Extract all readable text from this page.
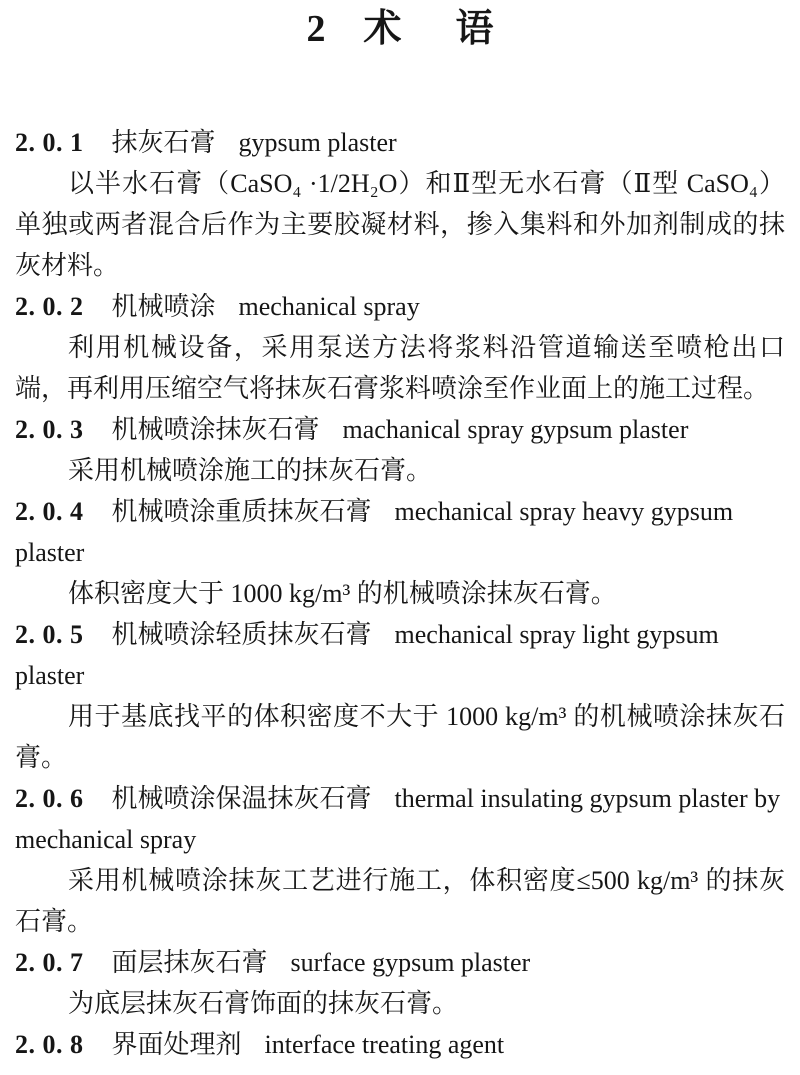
2 术 语

2. 0. 1 抹灰石膏 gypsum plaster

以半水石膏（CaSO₄ ·1/2H₂O）和Ⅱ型无水石膏（Ⅱ型 CaSO₄）单独或两者混合后作为主要胶凝材料，掺入集料和外加剂制成的抹灰材料。

2. 0. 2 机械喷涂 mechanical spray

利用机械设备，采用泵送方法将浆料沿管道输送至喷枪出口端，再利用压缩空气将抹灰石膏浆料喷涂至作业面上的施工过程。

2. 0. 3 机械喷涂抹灰石膏 machanical spray gypsum plaster

采用机械喷涂施工的抹灰石膏。

2. 0. 4 机械喷涂重质抹灰石膏 mechanical spray heavy gypsum plaster

体积密度大于 1000 kg/m³ 的机械喷涂抹灰石膏。

2. 0. 5 机械喷涂轻质抹灰石膏 mechanical spray light gypsum plaster

用于基底找平的体积密度不大于 1000 kg/m³ 的机械喷涂抹灰石膏。

2. 0. 6 机械喷涂保温抹灰石膏 thermal insulating gypsum plaster by mechanical spray

采用机械喷涂抹灰工艺进行施工，体积密度≤500 kg/m³ 的抹灰石膏。

2. 0. 7 面层抹灰石膏 surface gypsum plaster

为底层抹灰石膏饰面的抹灰石膏。

2. 0. 8 界面处理剂 interface treating agent
